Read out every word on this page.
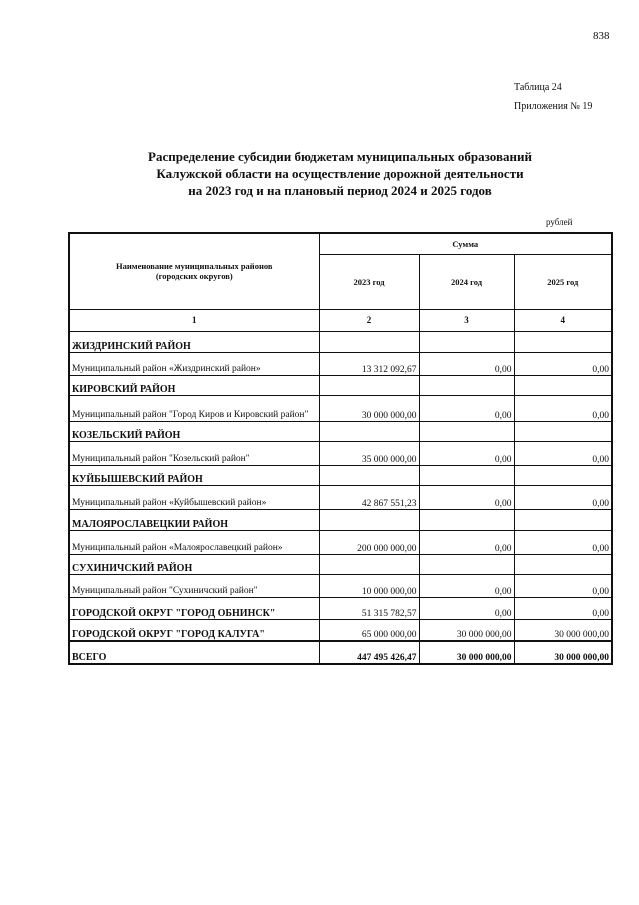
838
Таблица 24
Приложения № 19
Распределение субсидии бюджетам муниципальных образований
Калужской области на осуществление дорожной деятельности
на 2023 год и на плановый период 2024 и 2025 годов
рублей
Наименование муниципальных районов
(городских округов)	Сумма		
	2023 год	2024 год	2025 год
1	2	3	4
ЖИЗДРИНСКИЙ РАЙОН			
Муниципальный район «Жиздринский район»	13 312 092,67	0,00	0,00
КИРОВСКИЙ РАЙОН			
Муниципальный район "Город Киров и Кировский район"	30 000 000,00	0,00	0,00
КОЗЕЛЬСКИЙ РАЙОН			
Муниципальный район "Козельский район"	35 000 000,00	0,00	0,00
КУЙБЫШЕВСКИЙ РАЙОН			
Муниципальный район «Куйбышевский район»	42 867 551,23	0,00	0,00
МАЛОЯРОСЛАВЕЦКИИ РАЙОН			
Муниципальный район «Малоярославецкий район»	200 000 000,00	0,00	0,00
СУХИНИЧСКИЙ РАЙОН			
Муниципальный район "Сухиничский район"	10 000 000,00	0,00	0,00
ГОРОДСКОЙ ОКРУГ "ГОРОД ОБНИНСК"	51 315 782,57	0,00	0,00
ГОРОДСКОЙ ОКРУГ "ГОРОД КАЛУГА"	65 000 000,00	30 000 000,00	30 000 000,00
ВСЕГО	447 495 426,47	30 000 000,00	30 000 000,00
